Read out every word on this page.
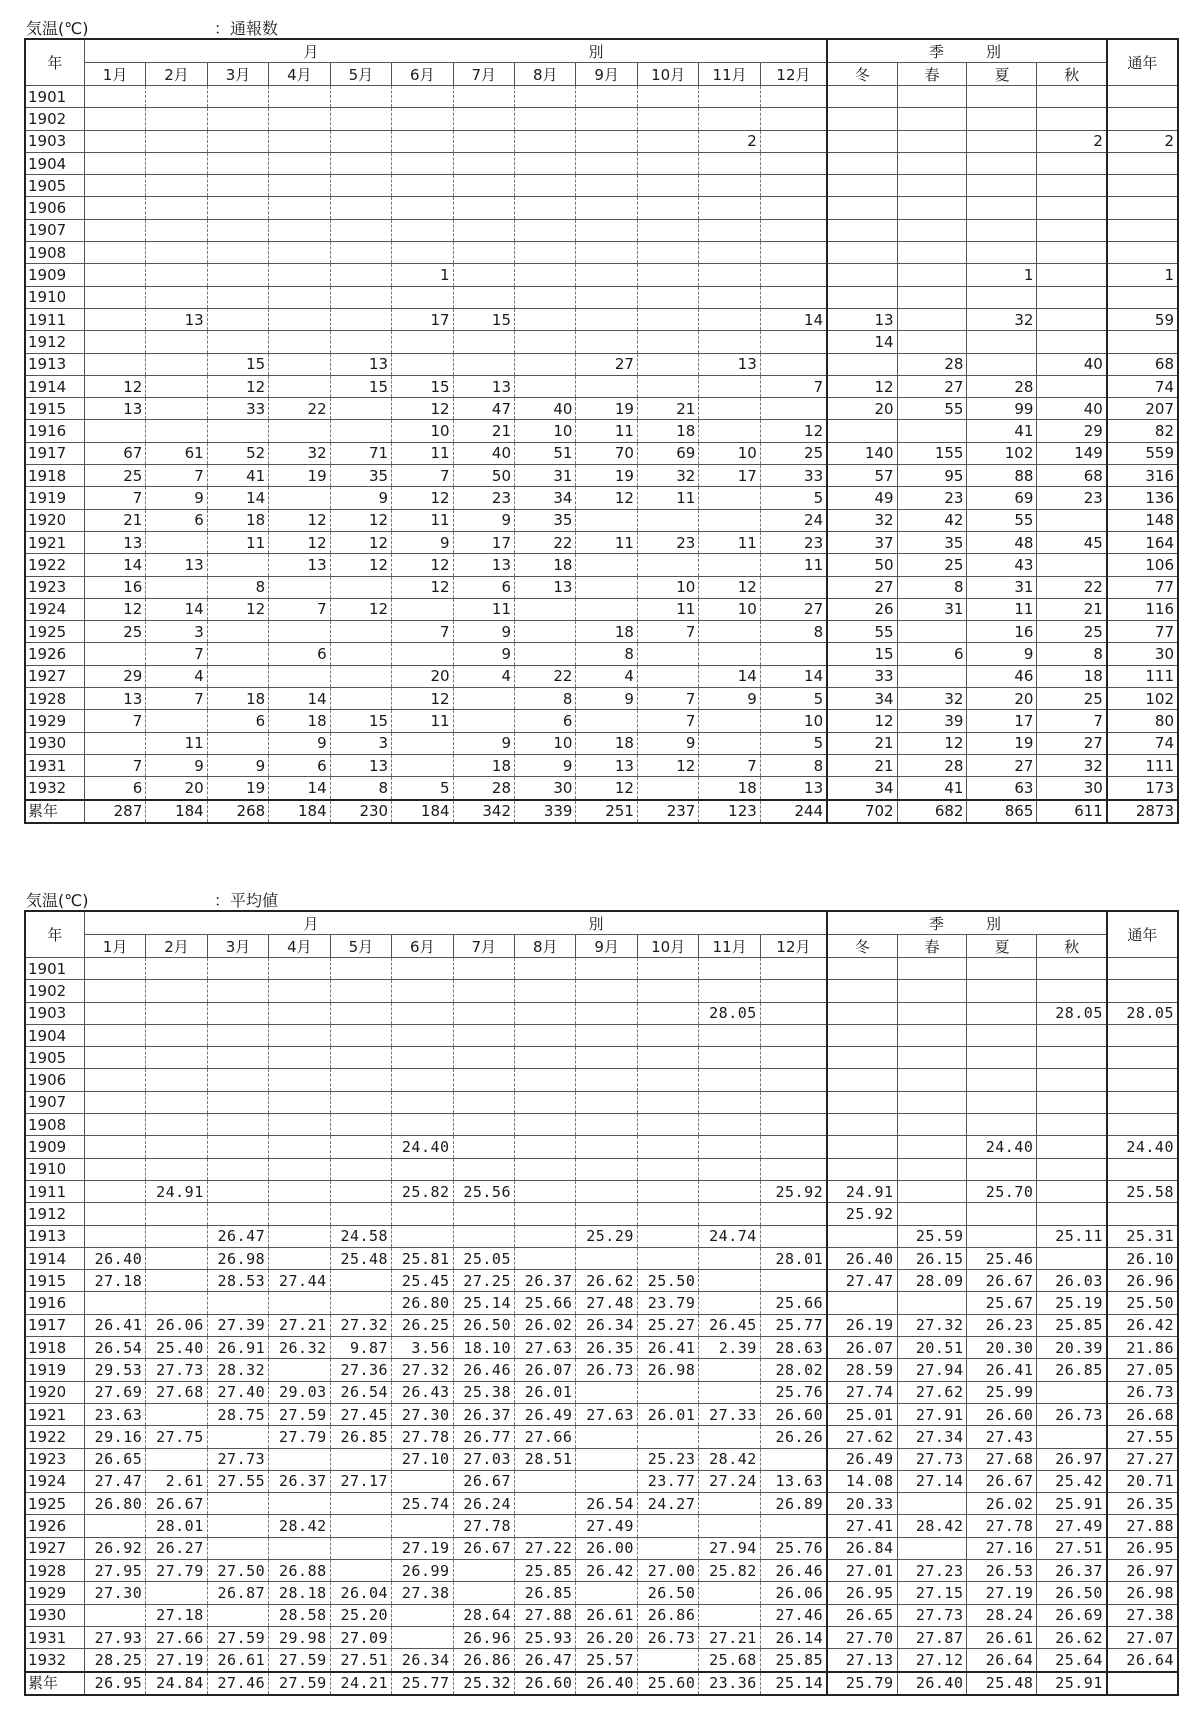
気温(℃)	：通報数
年	月　　　　　　　　　　　　　　別												季　　別				通年
	1月	2月	3月	4月	5月	6月	7月	8月	9月	10月	11月	12月	冬	春	夏	秋	
1901																	
1902																	
1903											2					2	2
1904																	
1905																	
1906																	
1907																	
1908																	
1909						1									1		1
1910																	
1911		13				17	15					14	13		32		59
1912													14				
1913			15		13				27		13			28		40	68
1914	12		12		15	15	13					7	12	27	28		74
1915	13		33	22		12	47	40	19	21			20	55	99	40	207
1916						10	21	10	11	18		12			41	29	82
1917	67	61	52	32	71	11	40	51	70	69	10	25	140	155	102	149	559
1918	25	7	41	19	35	7	50	31	19	32	17	33	57	95	88	68	316
1919	7	9	14		9	12	23	34	12	11		5	49	23	69	23	136
1920	21	6	18	12	12	11	9	35				24	32	42	55		148
1921	13		11	12	12	9	17	22	11	23	11	23	37	35	48	45	164
1922	14	13		13	12	12	13	18				11	50	25	43		106
1923	16		8			12	6	13		10	12		27	8	31	22	77
1924	12	14	12	7	12		11			11	10	27	26	31	11	21	116
1925	25	3				7	9		18	7		8	55		16	25	77
1926		7		6			9		8				15	6	9	8	30
1927	29	4				20	4	22	4		14	14	33		46	18	111
1928	13	7	18	14		12		8	9	7	9	5	34	32	20	25	102
1929	7		6	18	15	11		6		7		10	12	39	17	7	80
1930		11		9	3		9	10	18	9		5	21	12	19	27	74
1931	7	9	9	6	13		18	9	13	12	7	8	21	28	27	32	111
1932	6	20	19	14	8	5	28	30	12		18	13	34	41	63	30	173
累年	287	184	268	184	230	184	342	339	251	237	123	244	702	682	865	611	2873
気温(℃)	：平均値
年	月　　　　　　　　　　　　　　別												季　　別				通年
	1月	2月	3月	4月	5月	6月	7月	8月	9月	10月	11月	12月	冬	春	夏	秋	
1901																	
1902																	
1903											28.05					28.05	28.05
1904																	
1905																	
1906																	
1907																	
1908																	
1909						24.40									24.40		24.40
1910																	
1911		24.91				25.82	25.56					25.92	24.91		25.70		25.58
1912													25.92				
1913			26.47		24.58				25.29		24.74			25.59		25.11	25.31
1914	26.40		26.98		25.48	25.81	25.05					28.01	26.40	26.15	25.46		26.10
1915	27.18		28.53	27.44		25.45	27.25	26.37	26.62	25.50			27.47	28.09	26.67	26.03	26.96
1916						26.80	25.14	25.66	27.48	23.79		25.66			25.67	25.19	25.50
1917	26.41	26.06	27.39	27.21	27.32	26.25	26.50	26.02	26.34	25.27	26.45	25.77	26.19	27.32	26.23	25.85	26.42
1918	26.54	25.40	26.91	26.32	9.87	3.56	18.10	27.63	26.35	26.41	2.39	28.63	26.07	20.51	20.30	20.39	21.86
1919	29.53	27.73	28.32		27.36	27.32	26.46	26.07	26.73	26.98		28.02	28.59	27.94	26.41	26.85	27.05
1920	27.69	27.68	27.40	29.03	26.54	26.43	25.38	26.01				25.76	27.74	27.62	25.99		26.73
1921	23.63		28.75	27.59	27.45	27.30	26.37	26.49	27.63	26.01	27.33	26.60	25.01	27.91	26.60	26.73	26.68
1922	29.16	27.75		27.79	26.85	27.78	26.77	27.66				26.26	27.62	27.34	27.43		27.55
1923	26.65		27.73			27.10	27.03	28.51		25.23	28.42		26.49	27.73	27.68	26.97	27.27
1924	27.47	2.61	27.55	26.37	27.17		26.67			23.77	27.24	13.63	14.08	27.14	26.67	25.42	20.71
1925	26.80	26.67				25.74	26.24		26.54	24.27		26.89	20.33		26.02	25.91	26.35
1926		28.01		28.42			27.78		27.49				27.41	28.42	27.78	27.49	27.88
1927	26.92	26.27				27.19	26.67	27.22	26.00		27.94	25.76	26.84		27.16	27.51	26.95
1928	27.95	27.79	27.50	26.88		26.99		25.85	26.42	27.00	25.82	26.46	27.01	27.23	26.53	26.37	26.97
1929	27.30		26.87	28.18	26.04	27.38		26.85		26.50		26.06	26.95	27.15	27.19	26.50	26.98
1930		27.18		28.58	25.20		28.64	27.88	26.61	26.86		27.46	26.65	27.73	28.24	26.69	27.38
1931	27.93	27.66	27.59	29.98	27.09		26.96	25.93	26.20	26.73	27.21	26.14	27.70	27.87	26.61	26.62	27.07
1932	28.25	27.19	26.61	27.59	27.51	26.34	26.86	26.47	25.57		25.68	25.85	27.13	27.12	26.64	25.64	26.64
累年	26.95	24.84	27.46	27.59	24.21	25.77	25.32	26.60	26.40	25.60	23.36	25.14	25.79	26.40	25.48	25.91	
